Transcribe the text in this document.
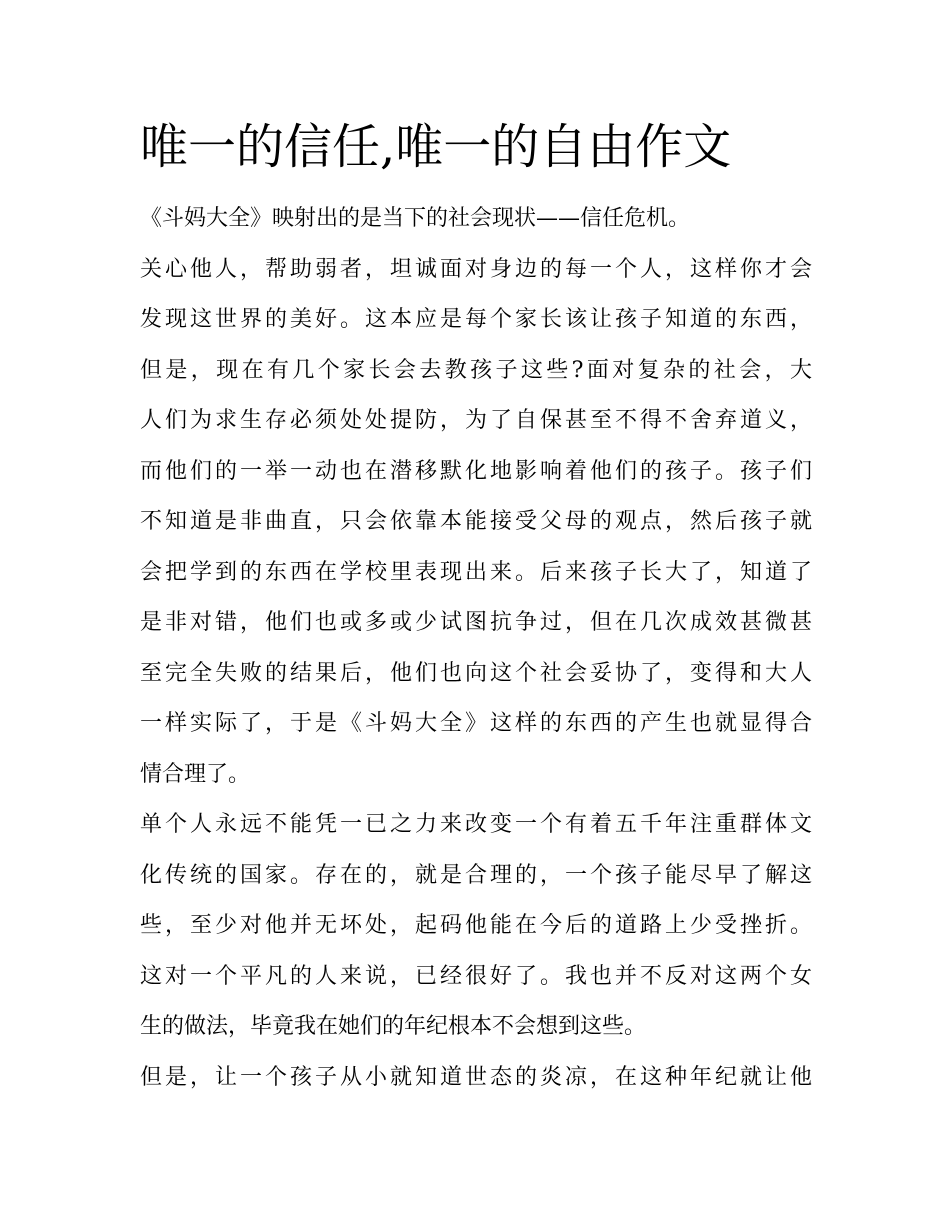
唯一的信任,唯一的自由作文
《斗妈大全》映射出的是当下的社会现状——信任危机。
关心他人，帮助弱者，坦诚面对身边的每一个人，这样你才会
发现这世界的美好。这本应是每个家长该让孩子知道的东西，
但是，现在有几个家长会去教孩子这些?面对复杂的社会，大
人们为求生存必须处处提防，为了自保甚至不得不舍弃道义，
而他们的一举一动也在潜移默化地影响着他们的孩子。孩子们
不知道是非曲直，只会依靠本能接受父母的观点，然后孩子就
会把学到的东西在学校里表现出来。后来孩子长大了，知道了
是非对错，他们也或多或少试图抗争过，但在几次成效甚微甚
至完全失败的结果后，他们也向这个社会妥协了，变得和大人
一样实际了，于是《斗妈大全》这样的东西的产生也就显得合
情合理了。
单个人永远不能凭一已之力来改变一个有着五千年注重群体文
化传统的国家。存在的，就是合理的，一个孩子能尽早了解这
些，至少对他并无坏处，起码他能在今后的道路上少受挫折。
这对一个平凡的人来说，已经很好了。我也并不反对这两个女
生的做法，毕竟我在她们的年纪根本不会想到这些。
但是，让一个孩子从小就知道世态的炎凉，在这种年纪就让他
